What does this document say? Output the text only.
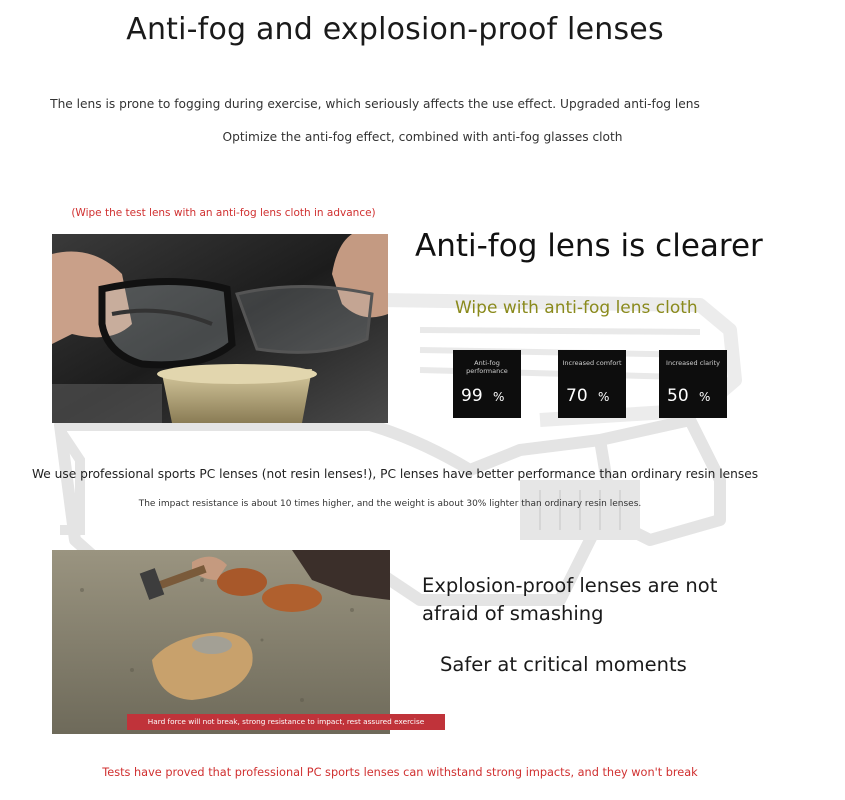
Anti-fog and explosion-proof lenses
The lens is prone to fogging during exercise, which seriously affects the use effect. Upgraded anti-fog lens
Optimize the anti-fog effect, combined with anti-fog glasses cloth
(Wipe the test lens with an anti-fog lens cloth in advance)
Anti-fog lens is clearer
Wipe with anti-fog lens cloth
Anti-fog performance
99 %
Increased comfort
70 %
Increased clarity
50 %
We use professional sports PC lenses (not resin lenses!), PC lenses have better performance than ordinary resin lenses
The impact resistance is about 10 times higher, and the weight is about 30% lighter than ordinary resin lenses.
Hard force will not break, strong resistance to impact, rest assured exercise
Explosion-proof lenses are not afraid of smashing
Safer at critical moments
Tests have proved that professional PC sports lenses can withstand strong impacts, and they won't break
